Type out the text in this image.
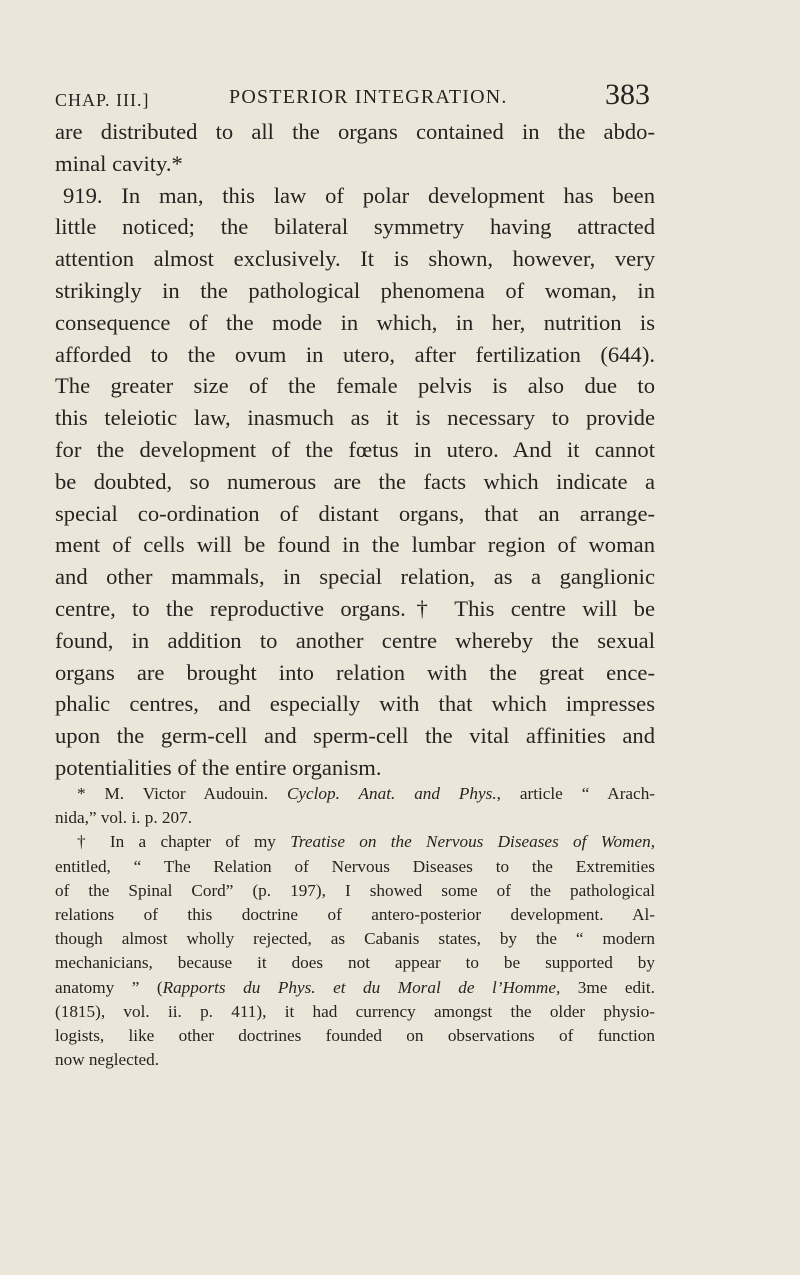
CHAP. III.]	POSTERIOR INTEGRATION.	383
are distributed to all the organs contained in the abdo-
minal cavity.*
919. In man, this law of polar development has been
little noticed; the bilateral symmetry having attracted
attention almost exclusively. It is shown, however, very
strikingly in the pathological phenomena of woman, in
consequence of the mode in which, in her, nutrition is
afforded to the ovum in utero, after fertilization (644).
The greater size of the female pelvis is also due to
this teleiotic law, inasmuch as it is necessary to provide
for the development of the fœtus in utero. And it cannot
be doubted, so numerous are the facts which indicate a
special co-ordination of distant organs, that an arrange-
ment of cells will be found in the lumbar region of woman
and other mammals, in special relation, as a ganglionic
centre, to the reproductive organs.† This centre will be
found, in addition to another centre whereby the sexual
organs are brought into relation with the great ence-
phalic centres, and especially with that which impresses
upon the germ-cell and sperm-cell the vital affinities and
potentialities of the entire organism.
* M. Victor Audouin. Cyclop. Anat. and Phys., article “ Arach-
nida,” vol. i. p. 207.
† In a chapter of my Treatise on the Nervous Diseases of Women,
entitled, “ The Relation of Nervous Diseases to the Extremities
of the Spinal Cord” (p. 197), I showed some of the pathological
relations of this doctrine of antero-posterior development. Al-
though almost wholly rejected, as Cabanis states, by the “ modern
mechanicians, because it does not appear to be supported by
anatomy ” (Rapports du Phys. et du Moral de l’Homme, 3me edit.
(1815), vol. ii. p. 411), it had currency amongst the older physio-
logists, like other doctrines founded on observations of function
now neglected.
